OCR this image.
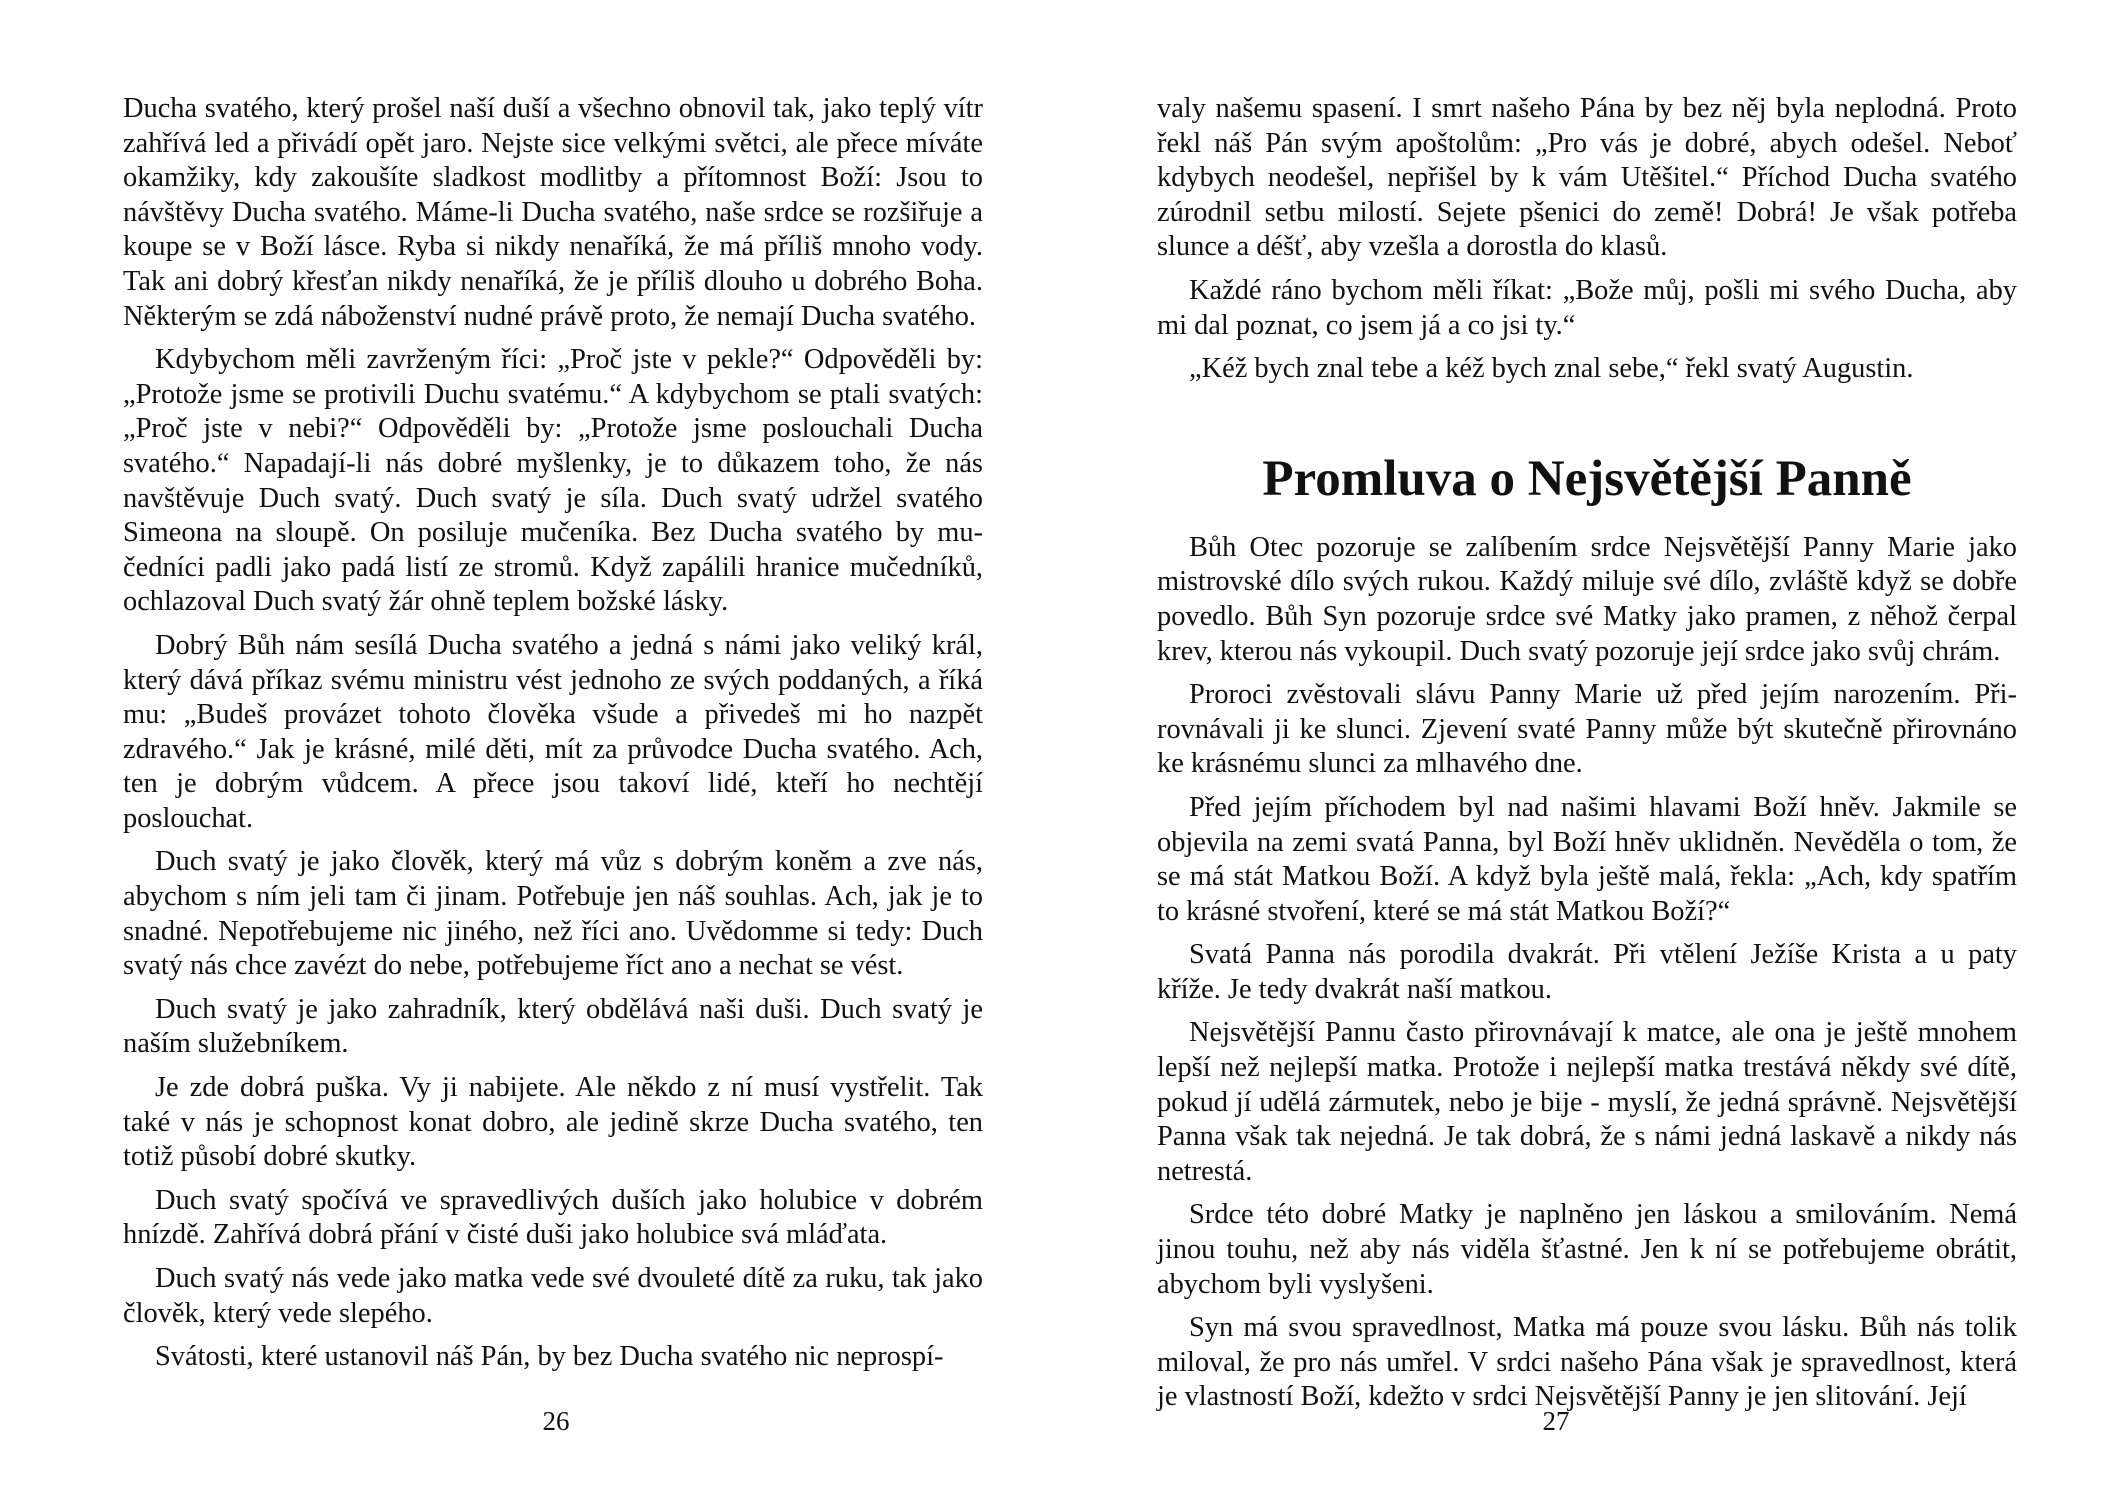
Ducha svatého, který prošel naší duší a všechno obnovil tak, jako teplý vítr zahřívá led a přivádí opět jaro. Nejste sice velkými světci, ale přece míváte okamžiky, kdy zakoušíte sladkost modlitby a přítomnost Boží: Jsou to návštěvy Ducha svatého. Máme-li Ducha svatého, naše srdce se rozšiřuje a koupe se v Boží lásce. Ryba si nikdy nenaříká, že má příliš mnoho vody. Tak ani dobrý křesťan nikdy nenaříká, že je příliš dlouho u dobrého Boha. Některým se zdá náboženství nudné právě proto, že nemají Ducha svatého.

Kdybychom měli zavrženým říci: „Proč jste v pekle?“ Odpověděli by: „Protože jsme se protivili Duchu svatému.“ A kdybychom se ptali svatých: „Proč jste v nebi?“ Odpověděli by: „Protože jsme poslouchali Ducha svatého.“ Napadají-li nás dobré myšlenky, je to důkazem toho, že nás navštěvuje Duch svatý. Duch svatý je síla. Duch svatý udržel svatého Simeona na sloupě. On posiluje mučeníka. Bez Ducha svatého by mučedníci padli jako padá listí ze stromů. Když zapálili hranice mučedníků, ochlazoval Duch svatý žár ohně teplem božské lásky.

Dobrý Bůh nám sesílá Ducha svatého a jedná s námi jako veliký král, který dává příkaz svému ministru vést jednoho ze svých poddaných, a říká mu: „Budeš provázet tohoto člověka všude a přivedeš mi ho nazpět zdravého.“ Jak je krásné, milé děti, mít za průvodce Ducha svatého. Ach, ten je dobrým vůdcem. A přece jsou takoví lidé, kteří ho nechtějí poslouchat.

Duch svatý je jako člověk, který má vůz s dobrým koněm a zve nás, abychom s ním jeli tam či jinam. Potřebuje jen náš souhlas. Ach, jak je to snadné. Nepotřebujeme nic jiného, než říci ano. Uvědomme si tedy: Duch svatý nás chce zavézt do nebe, potřebujeme říct ano a nechat se vést.

Duch svatý je jako zahradník, který obdělává naši duši. Duch svatý je naším služebníkem.

Je zde dobrá puška. Vy ji nabijete. Ale někdo z ní musí vystřelit. Tak také v nás je schopnost konat dobro, ale jedině skrze Ducha svatého, ten totiž působí dobré skutky.

Duch svatý spočívá ve spravedlivých duších jako holubice v dobrém hnízdě. Zahřívá dobrá přání v čisté duši jako holubice svá mláďata.

Duch svatý nás vede jako matka vede své dvouleté dítě za ruku, tak jako člověk, který vede slepého.

Svátosti, které ustanovil náš Pán, by bez Ducha svatého nic neprospí-

26

valy našemu spasení. I smrt našeho Pána by bez něj byla neplodná. Proto řekl náš Pán svým apoštolům: „Pro vás je dobré, abych odešel. Neboť kdybych neodešel, nepřišel by k vám Utěšitel.“ Příchod Ducha svatého zúrodnil setbu milostí. Sejete pšenici do země! Dobrá! Je však potřeba slunce a déšť, aby vzešla a dorostla do klasů.

Každé ráno bychom měli říkat: „Bože můj, pošli mi svého Ducha, aby mi dal poznat, co jsem já a co jsi ty.“

„Kéž bych znal tebe a kéž bych znal sebe,“ řekl svatý Augustin.

Promluva o Nejsvětější Panně

Bůh Otec pozoruje se zalíbením srdce Nejsvětější Panny Marie jako mistrovské dílo svých rukou. Každý miluje své dílo, zvláště když se dobře povedlo. Bůh Syn pozoruje srdce své Matky jako pramen, z něhož čerpal krev, kterou nás vykoupil. Duch svatý pozoruje její srdce jako svůj chrám.

Proroci zvěstovali slávu Panny Marie už před jejím narozením. Přirovnávali ji ke slunci. Zjevení svaté Panny může být skutečně přirovnáno ke krásnému slunci za mlhavého dne.

Před jejím příchodem byl nad našimi hlavami Boží hněv. Jakmile se objevila na zemi svatá Panna, byl Boží hněv uklidněn. Nevěděla o tom, že se má stát Matkou Boží. A když byla ještě malá, řekla: „Ach, kdy spatřím to krásné stvoření, které se má stát Matkou Boží?“

Svatá Panna nás porodila dvakrát. Při vtělení Ježíše Krista a u paty kříže. Je tedy dvakrát naší matkou.

Nejsvětější Pannu často přirovnávají k matce, ale ona je ještě mnohem lepší než nejlepší matka. Protože i nejlepší matka trestává někdy své dítě, pokud jí udělá zármutek, nebo je bije - myslí, že jedná správně. Nejsvětější Panna však tak nejedná. Je tak dobrá, že s námi jedná laskavě a nikdy nás netrestá.

Srdce této dobré Matky je naplněno jen láskou a smilováním. Nemá jinou touhu, než aby nás viděla šťastné. Jen k ní se potřebujeme obrátit, abychom byli vyslyšeni.

Syn má svou spravedlnost, Matka má pouze svou lásku. Bůh nás tolik miloval, že pro nás umřel. V srdci našeho Pána však je spravedlnost, která je vlastností Boží, kdežto v srdci Nejsvětější Panny je jen slitování. Její

27
